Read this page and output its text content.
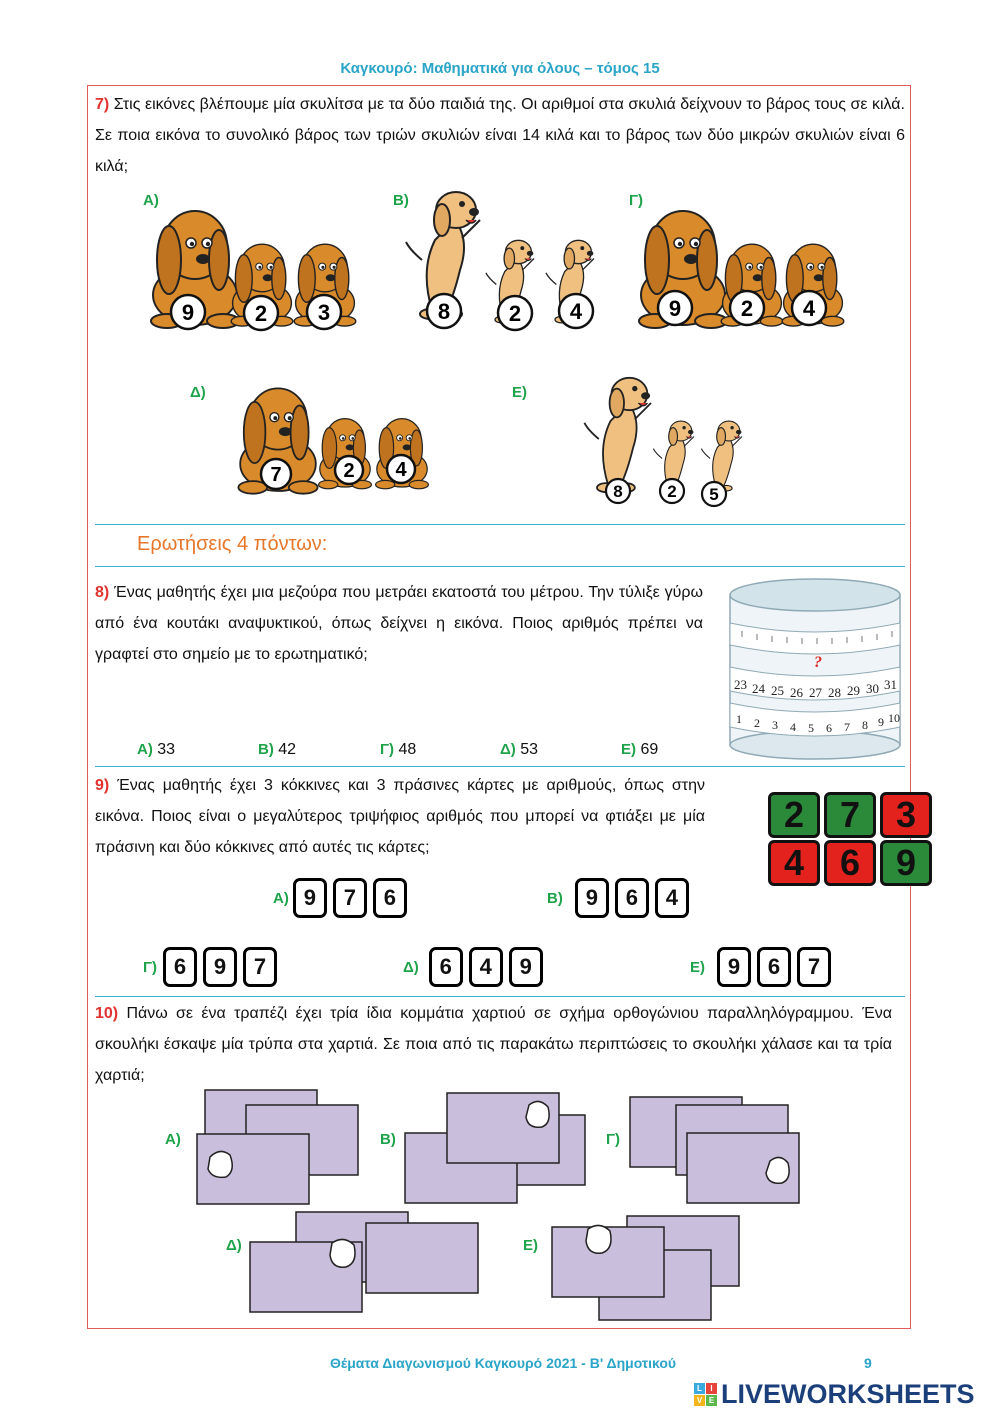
Καγκουρό: Μαθηματικά για όλους – τόμος 15
7) Στις εικόνες βλέπουμε μία σκυλίτσα με τα δύο παιδιά της. Οι αριθμοί στα σκυλιά δείχνουν το βάρος τους σε κιλά. Σε ποια εικόνα το συνολικό βάρος των τριών σκυλιών είναι 14 κιλά και το βάρος των δύο μικρών σκυλιών είναι 6 κιλά;
Α)	Β)	Γ)
Δ)	Ε)
9	2 3	8	2 4	9	2 4
7	2 4
8	2 5
Ερωτήσεις 4 πόντων:
8) Ένας μαθητής έχει μια μεζούρα που μετράει εκατοστά του μέτρου. Την τύλιξε γύρω από ένα κουτάκι αναψυκτικού, όπως δείχνει η εικόνα. Ποιος αριθμός πρέπει να γραφτεί στο σημείο με το ερωτηματικό;
Α) 33	Β) 42	Γ) 48	Δ) 53	Ε) 69
?
23 24 25 26 27 28 29 30 31
1 2 3 4 5 6 7 8 9 10
9) Ένας μαθητής έχει 3 κόκκινες και 3 πράσινες κάρτες με αριθμούς, όπως στην εικόνα. Ποιος είναι ο μεγαλύτερος τριψήφιος αριθμός που μπορεί να φτιάξει με μία πράσινη και δύο κόκκινες από αυτές τις κάρτες;
2 7 3
4 6 9
Α) 9	7	6	Β)	9	6	4
Γ) 6	9	7	Δ) 6	4	9	Ε)	9	6	7
10) Πάνω σε ένα τραπέζι έχει τρία ίδια κομμάτια χαρτιού σε σχήμα ορθογώνιου παραλληλόγραμμου. Ένα σκουλήκι έσκαψε μία τρύπα στα χαρτιά. Σε ποια από τις παρακάτω περιπτώσεις το σκουλήκι χάλασε και τα τρία χαρτιά;
Α)	Β)	Γ)
Δ)	Ε)
Θέματα Διαγωνισμού Καγκουρό 2021 - Β' Δημοτικού	9
L	I
V E LIVEWORKSHEETS
